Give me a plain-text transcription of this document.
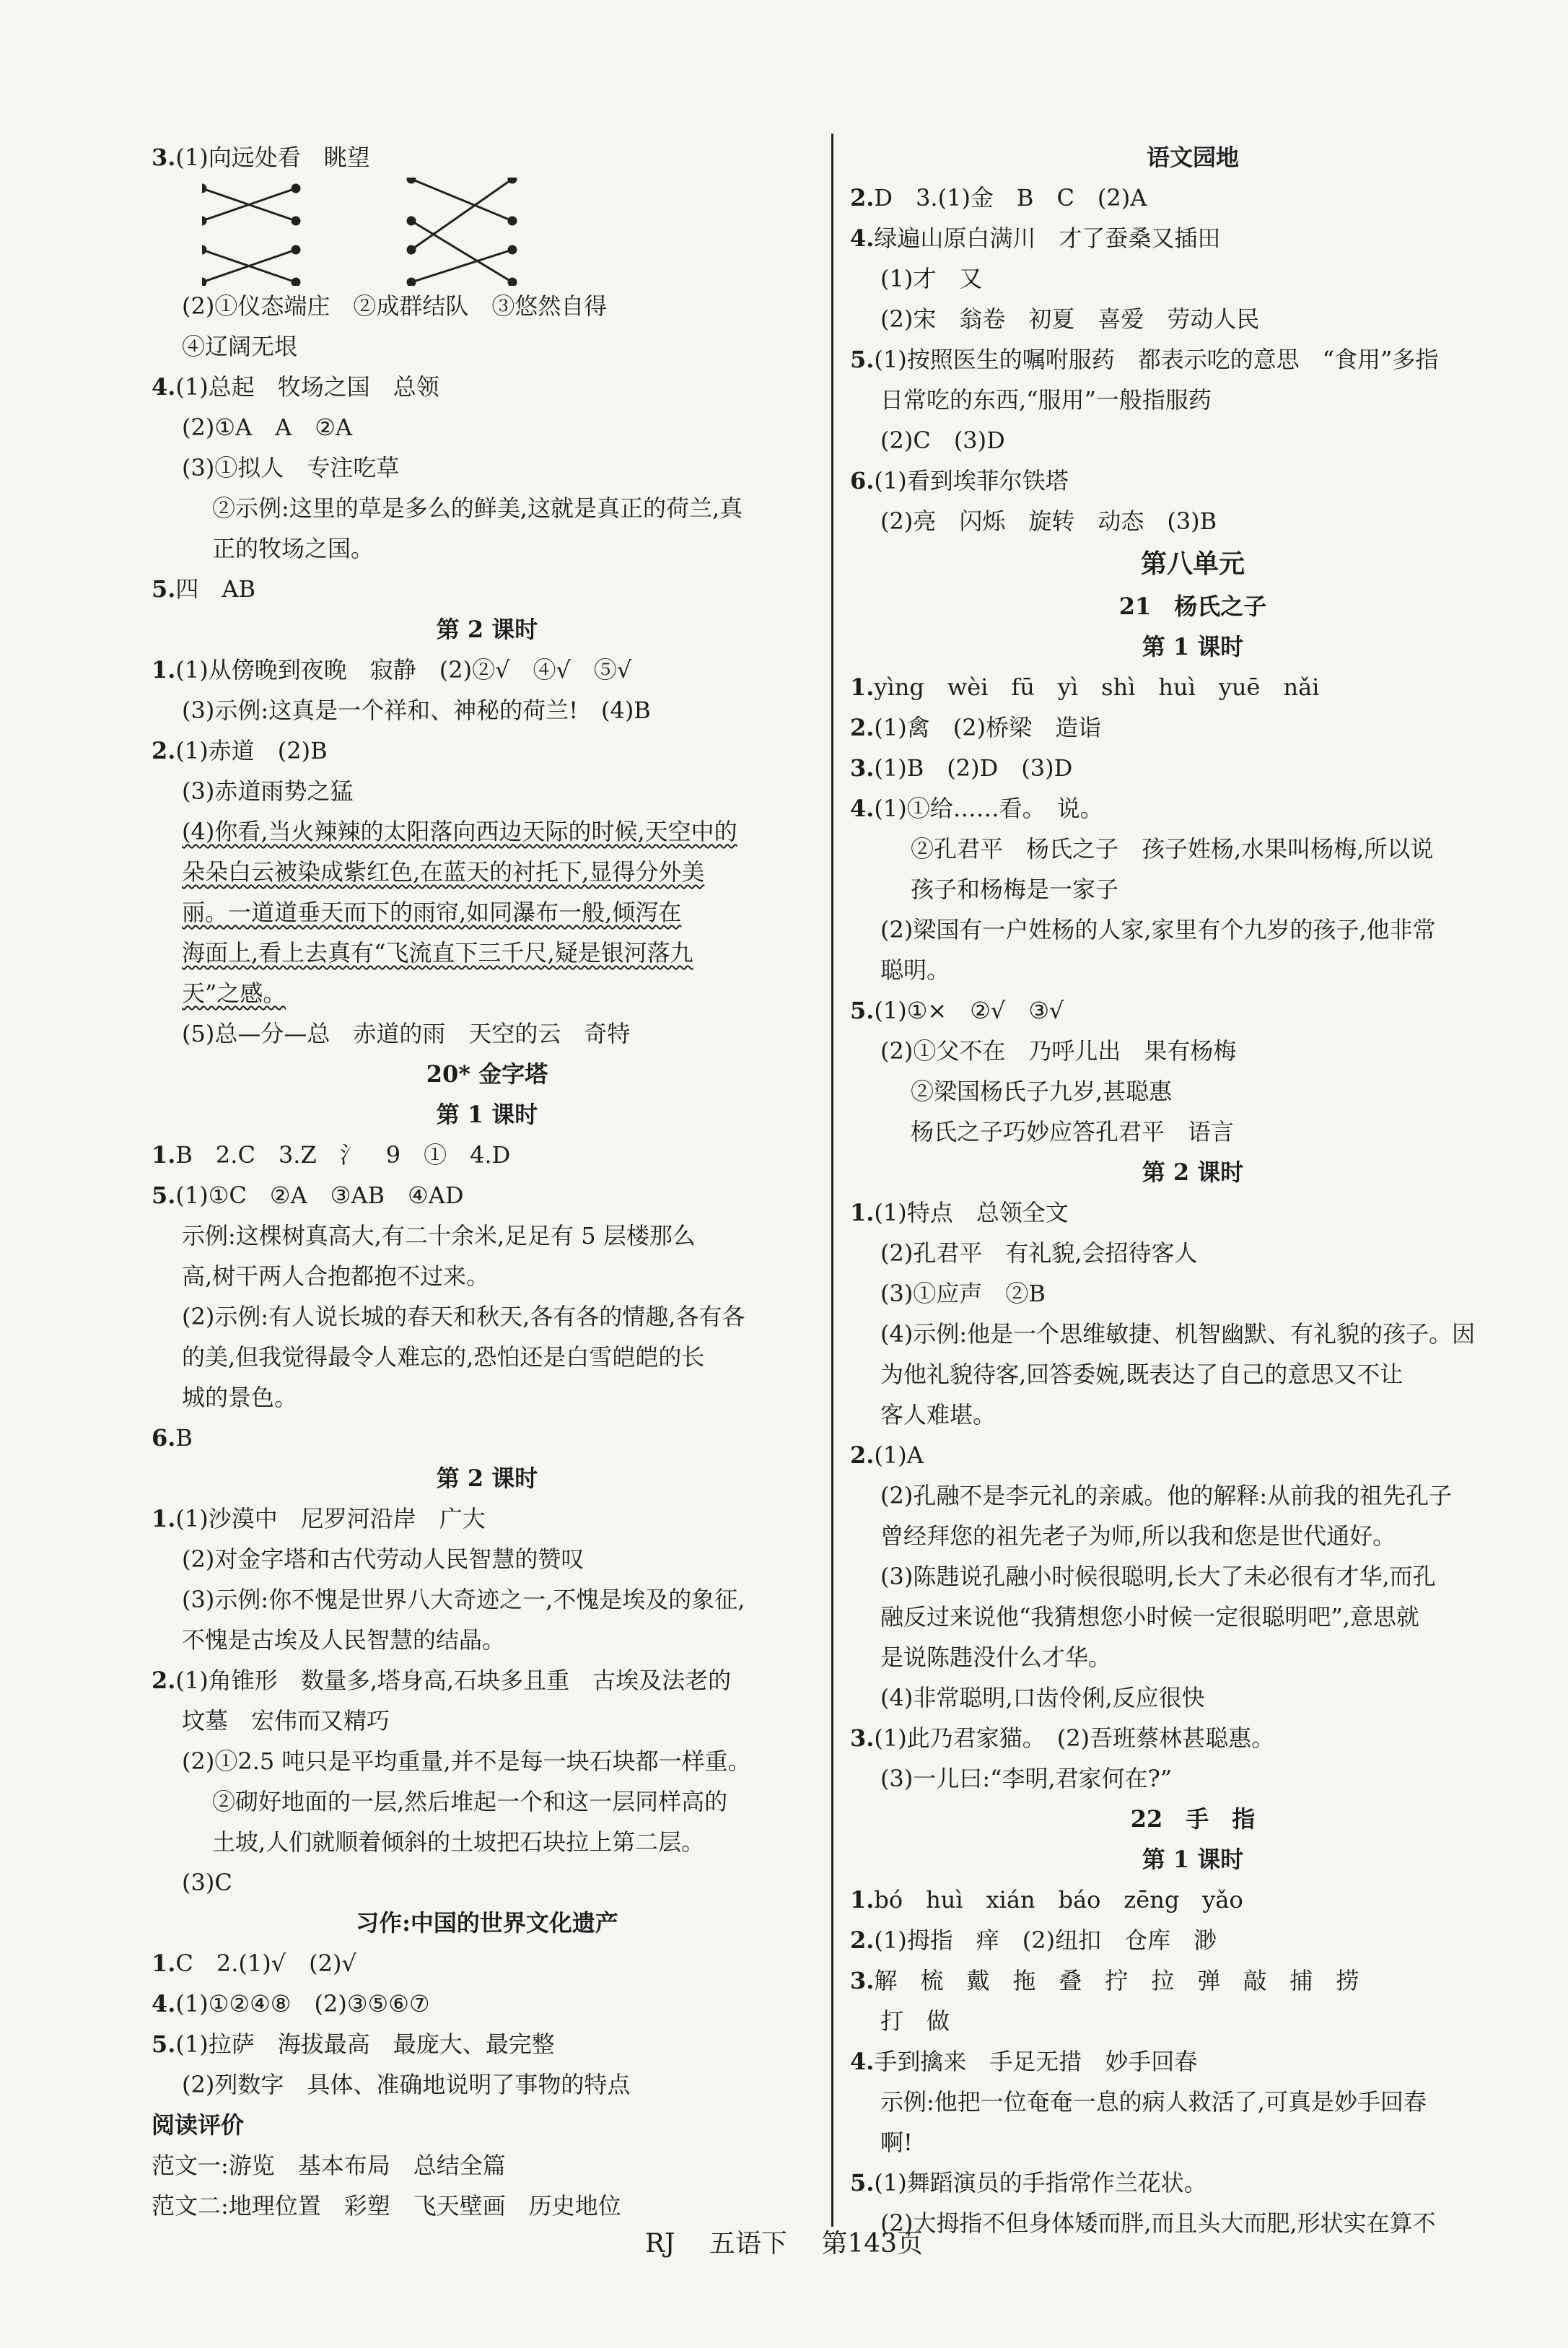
3.(1)向远处看　眺望
(2)①仪态端庄　②成群结队　③悠然自得
④辽阔无垠
4.(1)总起　牧场之国　总领
(2)①A　A　②A
(3)①拟人　专注吃草
②示例:这里的草是多么的鲜美,这就是真正的荷兰,真
正的牧场之国。
5.四　AB
第 2 课时
1.(1)从傍晚到夜晚　寂静　(2)②√　④√　⑤√
(3)示例:这真是一个祥和、神秘的荷兰!　(4)B
2.(1)赤道　(2)B
(3)赤道雨势之猛
(4)你看,当火辣辣的太阳落向西边天际的时候,天空中的
朵朵白云被染成紫红色,在蓝天的衬托下,显得分外美
丽。一道道垂天而下的雨帘,如同瀑布一般,倾泻在
海面上,看上去真有“飞流直下三千尺,疑是银河落九
天”之感。
(5)总—分—总　赤道的雨　天空的云　奇特
20* 金字塔
第 1 课时
1.B　2.C　3.Z　氵　9　①　4.D
5.(1)①C　②A　③AB　④AD
示例:这棵树真高大,有二十余米,足足有 5 层楼那么
高,树干两人合抱都抱不过来。
(2)示例:有人说长城的春天和秋天,各有各的情趣,各有各
的美,但我觉得最令人难忘的,恐怕还是白雪皑皑的长
城的景色。
6.B
第 2 课时
1.(1)沙漠中　尼罗河沿岸　广大
(2)对金字塔和古代劳动人民智慧的赞叹
(3)示例:你不愧是世界八大奇迹之一,不愧是埃及的象征,
不愧是古埃及人民智慧的结晶。
2.(1)角锥形　数量多,塔身高,石块多且重　古埃及法老的
坟墓　宏伟而又精巧
(2)①2.5 吨只是平均重量,并不是每一块石块都一样重。
②砌好地面的一层,然后堆起一个和这一层同样高的
土坡,人们就顺着倾斜的土坡把石块拉上第二层。
(3)C
习作:中国的世界文化遗产
1.C　2.(1)√　(2)√
4.(1)①②④⑧　(2)③⑤⑥⑦
5.(1)拉萨　海拔最高　最庞大、最完整
(2)列数字　具体、准确地说明了事物的特点
阅读评价
范文一:游览　基本布局　总结全篇
范文二:地理位置　彩塑　飞天壁画　历史地位
语文园地
2.D　3.(1)金　B　C　(2)A
4.绿遍山原白满川　才了蚕桑又插田
(1)才　又
(2)宋　翁卷　初夏　喜爱　劳动人民
5.(1)按照医生的嘱咐服药　都表示吃的意思　“食用”多指
日常吃的东西,“服用”一般指服药
(2)C　(3)D
6.(1)看到埃菲尔铁塔
(2)亮　闪烁　旋转　动态　(3)B
第八单元
21　杨氏之子
第 1 课时
1.yìng　wèi　fū　yì　shì　huì　yuē　nǎi
2.(1)禽　(2)桥梁　造诣
3.(1)B　(2)D　(3)D
4.(1)①给……看。　说。
②孔君平　杨氏之子　孩子姓杨,水果叫杨梅,所以说
孩子和杨梅是一家子
(2)梁国有一户姓杨的人家,家里有个九岁的孩子,他非常
聪明。
5.(1)①×　②√　③√
(2)①父不在　乃呼儿出　果有杨梅
②梁国杨氏子九岁,甚聪惠
杨氏之子巧妙应答孔君平　语言
第 2 课时
1.(1)特点　总领全文
(2)孔君平　有礼貌,会招待客人
(3)①应声　②B
(4)示例:他是一个思维敏捷、机智幽默、有礼貌的孩子。因
为他礼貌待客,回答委婉,既表达了自己的意思又不让
客人难堪。
2.(1)A
(2)孔融不是李元礼的亲戚。他的解释:从前我的祖先孔子
曾经拜您的祖先老子为师,所以我和您是世代通好。
(3)陈韪说孔融小时候很聪明,长大了未必很有才华,而孔
融反过来说他“我猜想您小时候一定很聪明吧”,意思就
是说陈韪没什么才华。
(4)非常聪明,口齿伶俐,反应很快
3.(1)此乃君家猫。　(2)吾班蔡林甚聪惠。
(3)一儿曰:“李明,君家何在?”
22　手　指
第 1 课时
1.bó　huì　xián　báo　zēng　yǎo
2.(1)拇指　痒　(2)纽扣　仓库　渺
3.解　梳　戴　拖　叠　拧　拉　弹　敲　捕　捞
打　做
4.手到擒来　手足无措　妙手回春
示例:他把一位奄奄一息的病人救活了,可真是妙手回春
啊!
5.(1)舞蹈演员的手指常作兰花状。
(2)大拇指不但身体矮而胖,而且头大而肥,形状实在算不
RJ 五语下 第143页
